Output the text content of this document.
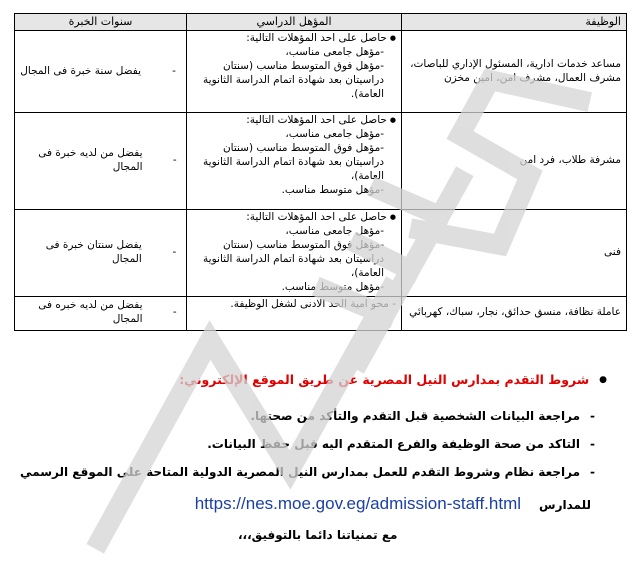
الوظيفة	المؤهل الدراسي	سنوات الخبرة
مساعد خدمات ادارية، المسئول الإداري للباصات، مشرف العمال، مشرف امن، امين مخزن	● حاصل على احد المؤهلات التالية:
-مؤهل جامعى مناسب،
-مؤهل فوق المتوسط مناسب (سنتان دراسيتان بعد شهادة اتمام الدراسة الثانوية العامة).	-
يفضل سنة خبرة فى المجال

مشرفة طلاب، فرد امن	● حاصل على احد المؤهلات التالية:
-مؤهل جامعى مناسب،
-مؤهل فوق المتوسط مناسب (سنتان دراسيتان بعد شهادة اتمام الدراسة الثانوية العامة)،
-مؤهل متوسط مناسب.	-
يفضل من لديه خبرة فى المجال

فنى	● حاصل على احد المؤهلات التالية:
-مؤهل جامعى مناسب،
-مؤهل فوق المتوسط مناسب (سنتان دراسيتان بعد شهادة اتمام الدراسة الثانوية العامة)،
-مؤهل متوسط مناسب.	-
يفضل سنتان خبرة فى المجال

عاملة نظافة، منسق حدائق، نجار، سباك، كهربائي	- محو امية الحد الادنى لشغل الوظيفة.	-
يفضل من لديه خبره فى المجال
●شروط التقدم بمدارس النيل المصرية عن طريق الموقع الإلكتروني:
-مراجعة البيانات الشخصية قبل التقدم والتأكد من صحتها.
-التاكد من صحة الوظيفة والفرع المتقدم اليه قبل حفظ البيانات.
-مراجعة نظام وشروط التقدم للعمل بمدارس النيل المصرية الدولية المتاحة على الموقع الرسمي
للمدارس
https://nes.moe.gov.eg/admission-staff.html
مع تمنياتنا دائما بالتوفيق،،،
